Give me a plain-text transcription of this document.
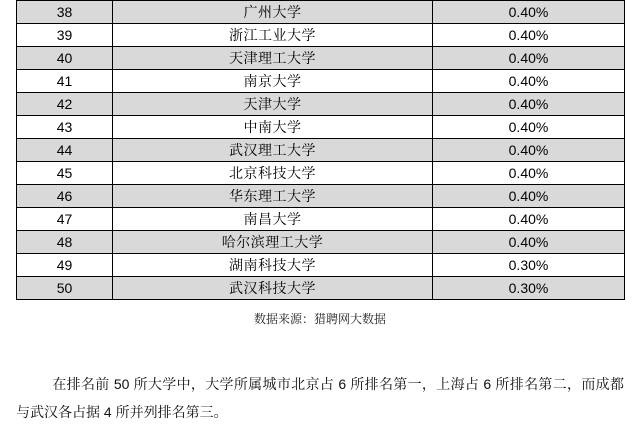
38	广州大学	0.40%
39	浙江工业大学	0.40%
40	天津理工大学	0.40%
41	南京大学	0.40%
42	天津大学	0.40%
43	中南大学	0.40%
44	武汉理工大学	0.40%
45	北京科技大学	0.40%
46	华东理工大学	0.40%
47	南昌大学	0.40%
48	哈尔滨理工大学	0.40%
49	湖南科技大学	0.30%
50	武汉科技大学	0.30%
数据来源：猎聘网大数据
在排名前 50 所大学中，大学所属城市北京占 6 所排名第一，上海占 6 所排名第二，而成都与武汉各占据 4 所并列排名第三。
